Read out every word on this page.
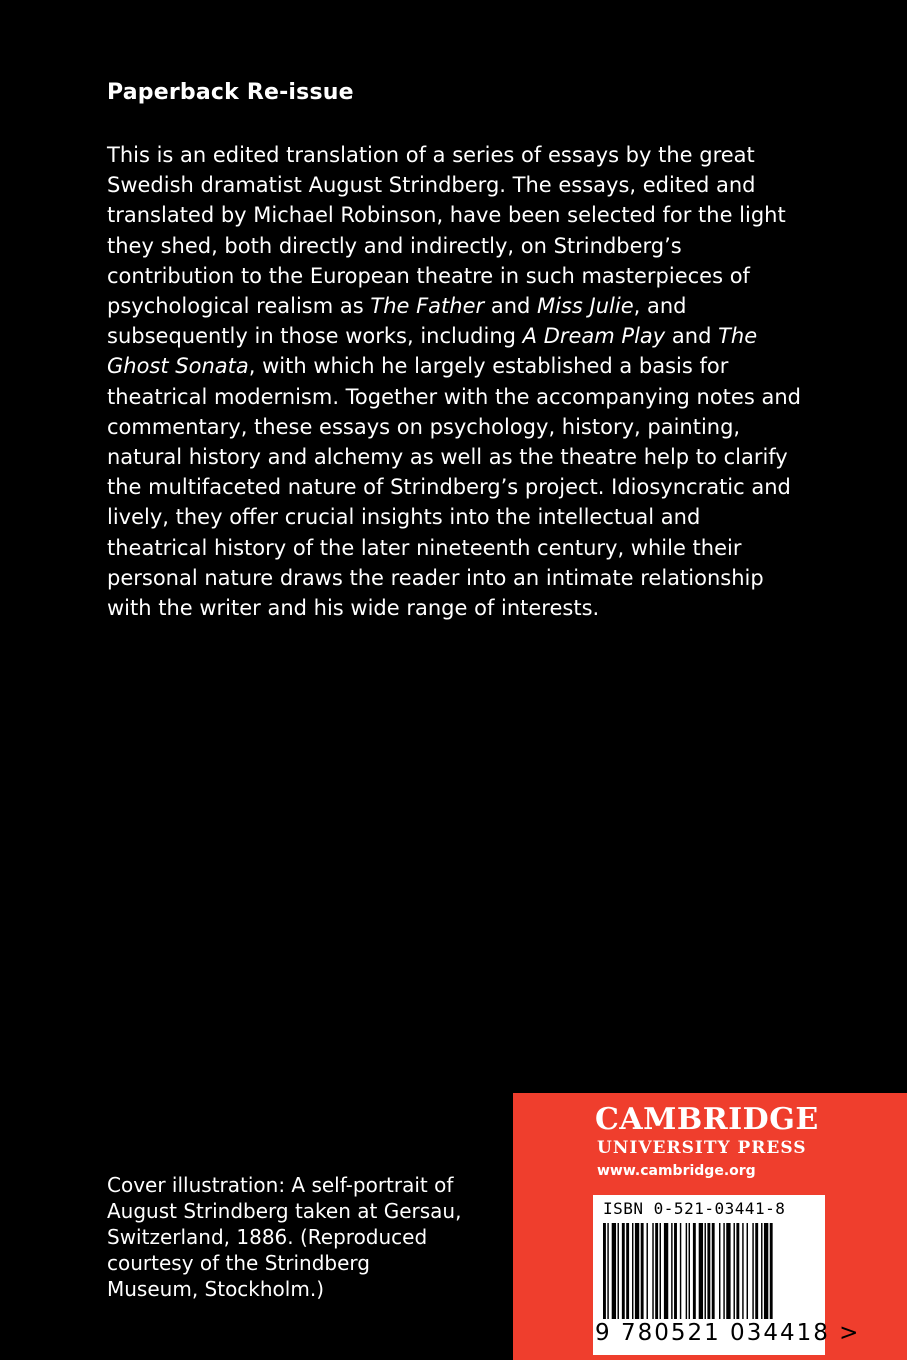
Paperback Re-issue

This is an edited translation of a series of essays by the great Swedish dramatist August Strindberg. The essays, edited and translated by Michael Robinson, have been selected for the light they shed, both directly and indirectly, on Strindberg’s contribution to the European theatre in such masterpieces of psychological realism as The Father and Miss Julie, and subsequently in those works, including A Dream Play and The Ghost Sonata, with which he largely established a basis for theatrical modernism. Together with the accompanying notes and commentary, these essays on psychology, history, painting, natural history and alchemy as well as the theatre help to clarify the multifaceted nature of Strindberg’s project. Idiosyncratic and lively, they offer crucial insights into the intellectual and theatrical history of the later nineteenth century, while their personal nature draws the reader into an intimate relationship with the writer and his wide range of interests.

Cover illustration: A self-portrait of August Strindberg taken at Gersau, Switzerland, 1886. (Reproduced courtesy of the Strindberg Museum, Stockholm.)

CAMBRIDGE
UNIVERSITY PRESS
www.cambridge.org
ISBN 0-521-03441-8
9 780521 034418 >
